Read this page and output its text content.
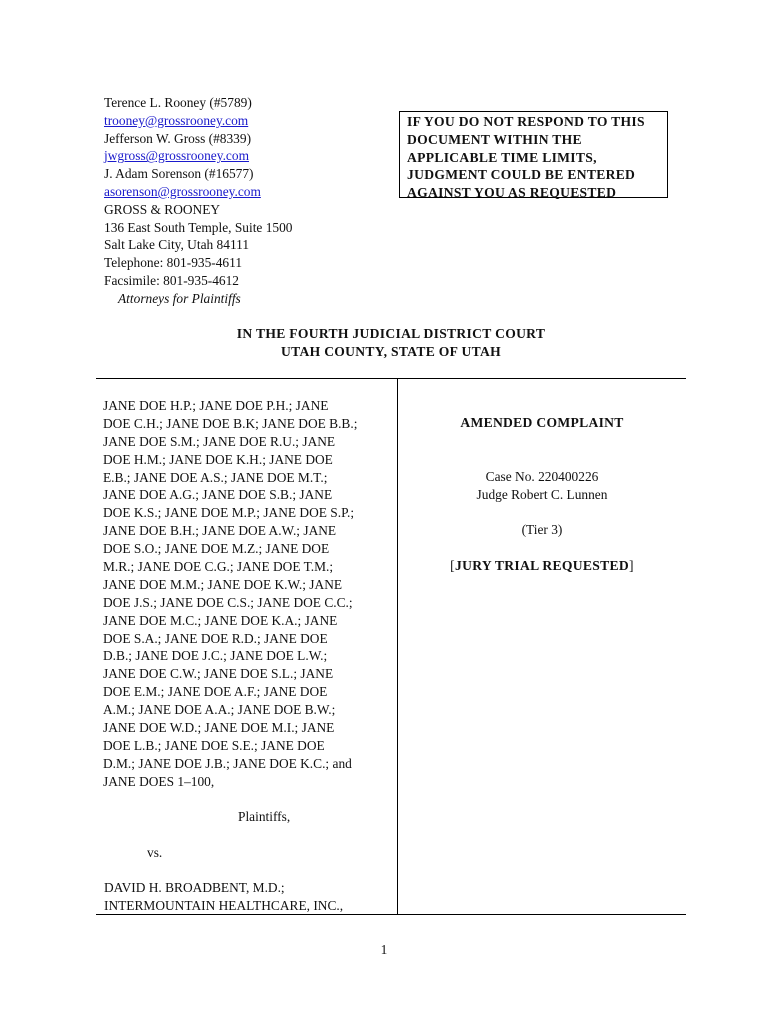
Terence L. Rooney (#5789)
trooney@grossrooney.com
Jefferson W. Gross (#8339)
jwgross@grossrooney.com
J. Adam Sorenson (#16577)
asorenson@grossrooney.com
GROSS & ROONEY
136 East South Temple, Suite 1500
Salt Lake City, Utah 84111
Telephone: 801-935-4611
Facsimile: 801-935-4612
Attorneys for Plaintiffs
IF YOU DO NOT RESPOND TO THIS
DOCUMENT WITHIN THE
APPLICABLE TIME LIMITS,
JUDGMENT COULD BE ENTERED
AGAINST YOU AS REQUESTED
IN THE FOURTH JUDICIAL DISTRICT COURT
UTAH COUNTY, STATE OF UTAH
JANE DOE H.P.; JANE DOE P.H.; JANE
DOE C.H.; JANE DOE B.K; JANE DOE B.B.;
JANE DOE S.M.; JANE DOE R.U.; JANE
DOE H.M.; JANE DOE K.H.; JANE DOE
E.B.; JANE DOE A.S.; JANE DOE M.T.;
JANE DOE A.G.; JANE DOE S.B.; JANE
DOE K.S.; JANE DOE M.P.; JANE DOE S.P.;
JANE DOE B.H.; JANE DOE A.W.; JANE
DOE S.O.; JANE DOE M.Z.; JANE DOE
M.R.; JANE DOE C.G.; JANE DOE T.M.;
JANE DOE M.M.; JANE DOE K.W.; JANE
DOE J.S.; JANE DOE C.S.; JANE DOE C.C.;
JANE DOE M.C.; JANE DOE K.A.; JANE
DOE S.A.; JANE DOE R.D.; JANE DOE
D.B.; JANE DOE J.C.; JANE DOE L.W.;
JANE DOE C.W.; JANE DOE S.L.; JANE
DOE E.M.; JANE DOE A.F.; JANE DOE
A.M.; JANE DOE A.A.; JANE DOE B.W.;
JANE DOE W.D.; JANE DOE M.I.; JANE
DOE L.B.; JANE DOE S.E.; JANE DOE
D.M.; JANE DOE J.B.; JANE DOE K.C.; and
JANE DOES 1–100,
Plaintiffs,
vs.
DAVID H. BROADBENT, M.D.;
INTERMOUNTAIN HEALTHCARE, INC.,
AMENDED COMPLAINT
Case No. 220400226
Judge Robert C. Lunnen
(Tier 3)
[JURY TRIAL REQUESTED]
1
